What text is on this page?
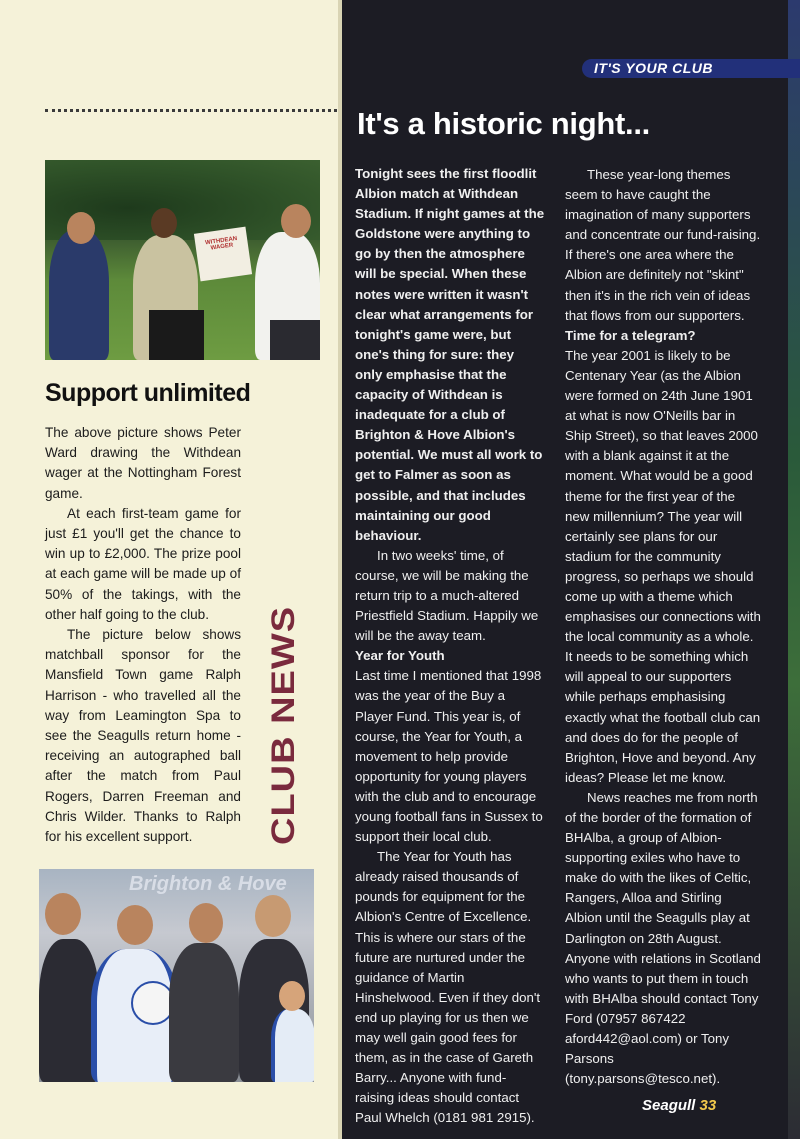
WITHDEAN WAGER
Support unlimited

The above picture shows Peter Ward drawing the Withdean wager at the Nottingham Forest game.

At each first-team game for just £1 you'll get the chance to win up to £2,000. The prize pool at each game will be made up of 50% of the takings, with the other half going to the club.

The picture below shows matchball sponsor for the Mansfield Town game Ralph Harrison - who travelled all the way from Leamington Spa to see the Seagulls return home - receiving an autographed ball after the match from Paul Rogers, Darren Freeman and Chris Wilder. Thanks to Ralph for his excellent support.	CLUB NEWS
Brighton & Hove
IT'S YOUR CLUB
It's a historic night...

Tonight sees the first floodlit Albion match at Withdean Stadium. If night games at the Goldstone were anything to go by then the atmosphere will be special. When these notes were written it wasn't clear what arrangements for tonight's game were, but one's thing for sure: they only emphasise that the capacity of Withdean is inadequate for a club of Brighton & Hove Albion's potential. We must all work to get to Falmer as soon as possible, and that includes maintaining our good behaviour.

In two weeks' time, of course, we will be making the return trip to a much-altered Priestfield Stadium. Happily we will be the away team.

Year for Youth

Last time I mentioned that 1998 was the year of the Buy a Player Fund. This year is, of course, the Year for Youth, a movement to help provide opportunity for young players with the club and to encourage young football fans in Sussex to support their local club.

The Year for Youth has already raised thousands of pounds for equipment for the Albion's Centre of Excellence. This is where our stars of the future are nurtured under the guidance of Martin Hinshelwood. Even if they don't end up playing for us then we may well gain good fees for them, as in the case of Gareth Barry... Anyone with fund-raising ideas should contact Paul Whelch (0181 981 2915).

These year-long themes seem to have caught the imagination of many supporters and concentrate our fund-raising. If there's one area where the Albion are definitely not "skint" then it's in the rich vein of ideas that flows from our supporters.

Time for a telegram?

The year 2001 is likely to be Centenary Year (as the Albion were formed on 24th June 1901 at what is now O'Neills bar in Ship Street), so that leaves 2000 with a blank against it at the moment. What would be a good theme for the first year of the new millennium? The year will certainly see plans for our stadium for the community progress, so perhaps we should come up with a theme which emphasises our connections with the local community as a whole. It needs to be something which will appeal to our supporters while perhaps emphasising exactly what the football club can and does do for the people of Brighton, Hove and beyond. Any ideas? Please let me know.

News reaches me from north of the border of the formation of BHAlba, a group of Albion-supporting exiles who have to make do with the likes of Celtic, Rangers, Alloa and Stirling Albion until the Seagulls play at Darlington on 28th August. Anyone with relations in Scotland who wants to put them in touch with BHAlba should contact Tony Ford (07957 867422 aford442@aol.com) or Tony Parsons (tony.parsons@tesco.net).

Seagull 33
